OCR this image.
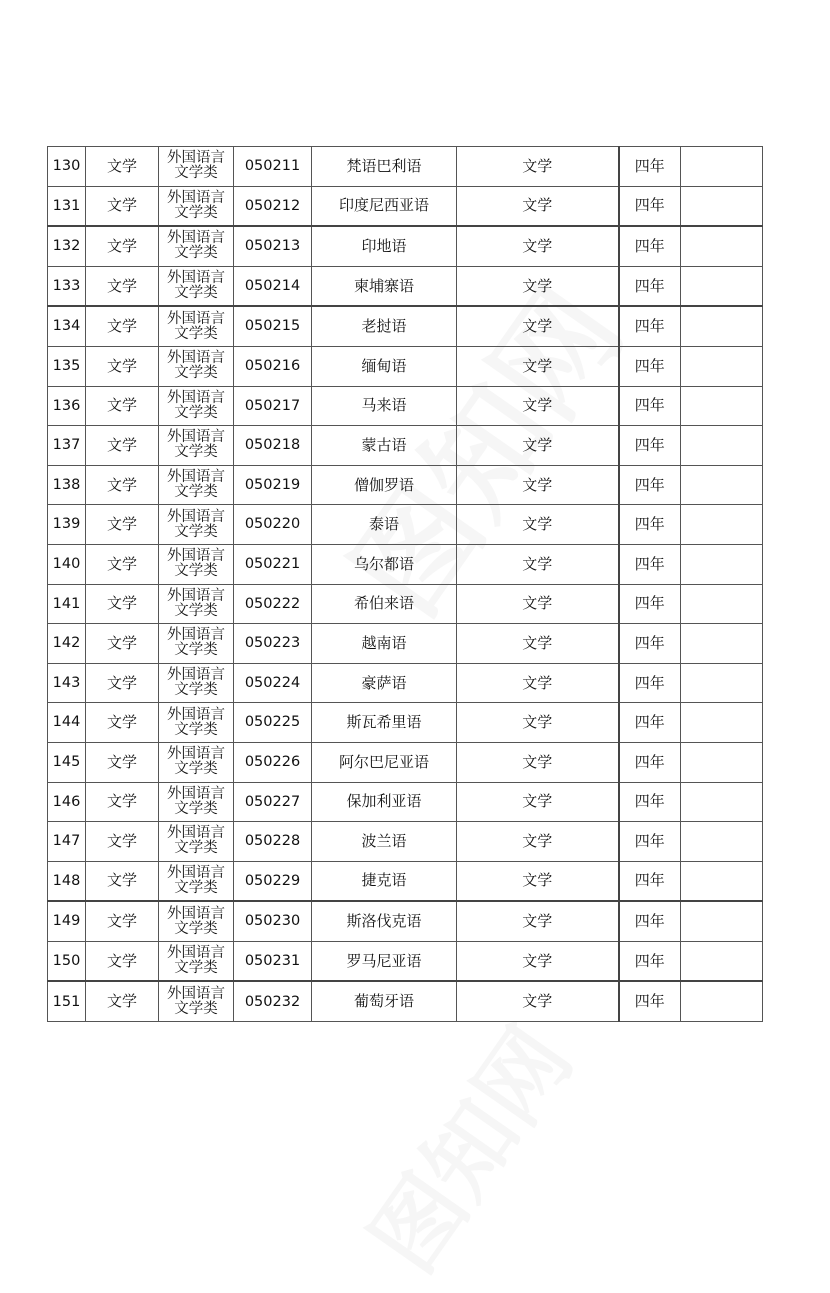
130	文学	外国语言
文学类	050211	梵语巴利语	文学	四年	
131	文学	外国语言
文学类	050212	印度尼西亚语	文学	四年	
132	文学	外国语言
文学类	050213	印地语	文学	四年	
133	文学	外国语言
文学类	050214	柬埔寨语	文学	四年	
134	文学	外国语言
文学类	050215	老挝语	文学	四年	
135	文学	外国语言
文学类	050216	缅甸语	文学	四年	
136	文学	外国语言
文学类	050217	马来语	文学	四年	
137	文学	外国语言
文学类	050218	蒙古语	文学	四年	
138	文学	外国语言
文学类	050219	僧伽罗语	文学	四年	
139	文学	外国语言
文学类	050220	泰语	文学	四年	
140	文学	外国语言
文学类	050221	乌尔都语	文学	四年	
141	文学	外国语言
文学类	050222	希伯来语	文学	四年	
142	文学	外国语言
文学类	050223	越南语	文学	四年	
143	文学	外国语言
文学类	050224	豪萨语	文学	四年	
144	文学	外国语言
文学类	050225	斯瓦希里语	文学	四年	
145	文学	外国语言
文学类	050226	阿尔巴尼亚语	文学	四年	
146	文学	外国语言
文学类	050227	保加利亚语	文学	四年	
147	文学	外国语言
文学类	050228	波兰语	文学	四年	
148	文学	外国语言
文学类	050229	捷克语	文学	四年	
149	文学	外国语言
文学类	050230	斯洛伐克语	文学	四年	
150	文学	外国语言
文学类	050231	罗马尼亚语	文学	四年	
151	文学	外国语言
文学类	050232	葡萄牙语	文学	四年	
